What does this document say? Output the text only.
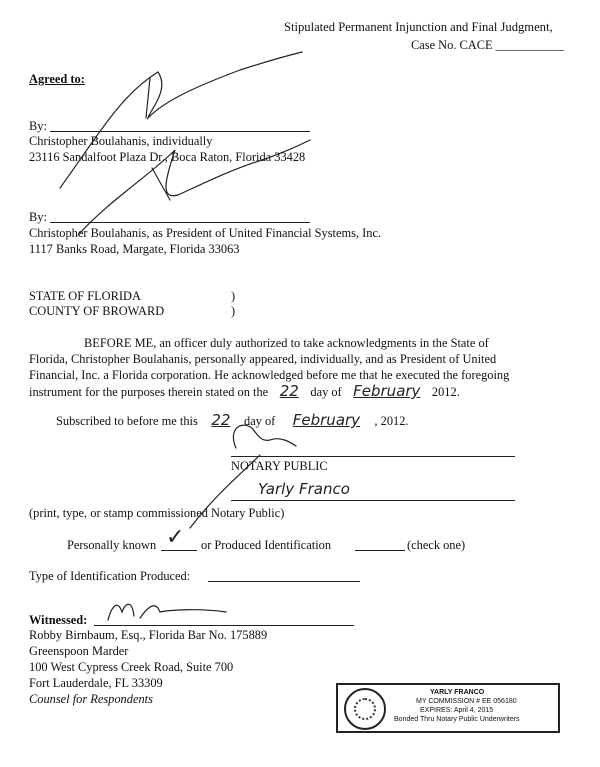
Stipulated Permanent Injunction and Final Judgment,
Case No. CACE ___________
Agreed to:
By:
Christopher Boulahanis, individually
23116 Sandalfoot Plaza Dr., Boca Raton, Florida 33428
By:
Christopher Boulahanis, as President of United Financial Systems, Inc.
1117 Banks Road, Margate, Florida 33063
STATE OF FLORIDA	)
COUNTY OF BROWARD	)
BEFORE ME, an officer duly authorized to take acknowledgments in the State of
Florida, Christopher Boulahanis, personally appeared, individually, and as President of United
Financial, Inc. a Florida corporation. He acknowledged before me that he executed the foregoing
instrument for the purposes therein stated on the 22 day of February 2012.
Subscribed to before me this 22 day of February , 2012.
NOTARY PUBLIC
Yarly Franco
(print, type, or stamp commissioned Notary Public)
Personally known ✓ or Produced Identification	(check one)
Type of Identification Produced:
Witnessed:
Robby Birnbaum, Esq., Florida Bar No. 175889
Greenspoon Marder
100 West Cypress Creek Road, Suite 700
Fort Lauderdale, FL 33309
Counsel for Respondents	YARLY FRANCO
MY COMMISSION # EE 056180
EXPIRES: April 4, 2015
Bonded Thru Notary Public Underwriters
